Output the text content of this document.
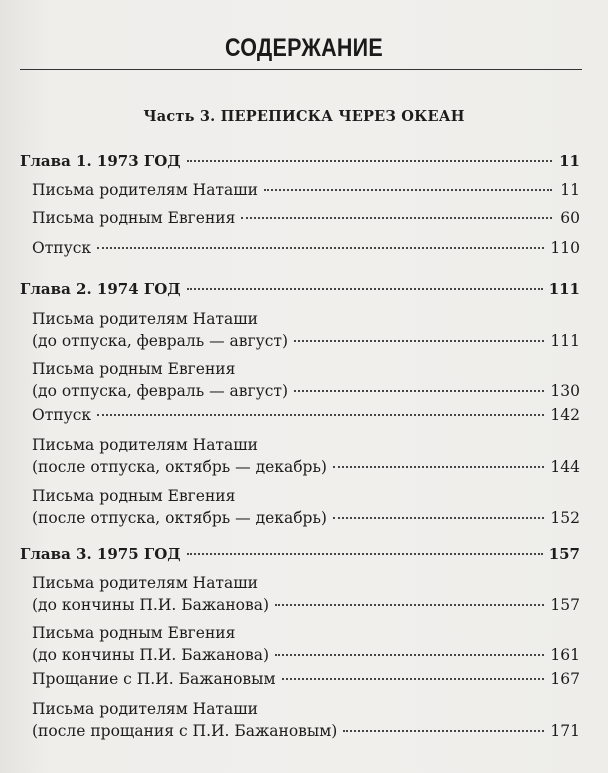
СОДЕРЖАНИЕ
Часть 3. ПЕРЕПИСКА ЧЕРЕЗ ОКЕАН
Глава 1. 1973 ГОД	11
Письма родителям Наташи	11
Письма родным Евгения	60
Отпуск	110
Глава 2. 1974 ГОД	111
Письма родителям Наташи
(до отпуска, февраль — август)	111
Письма родным Евгения
(до отпуска, февраль — август)	130
Отпуск	142
Письма родителям Наташи
(после отпуска, октябрь — декабрь)	144
Письма родным Евгения
(после отпуска, октябрь — декабрь)	152
Глава 3. 1975 ГОД	157
Письма родителям Наташи
(до кончины П.И. Бажанова)	157
Письма родным Евгения
(до кончины П.И. Бажанова)	161
Прощание с П.И. Бажановым	167
Письма родителям Наташи
(после прощания с П.И. Бажановым)	171
